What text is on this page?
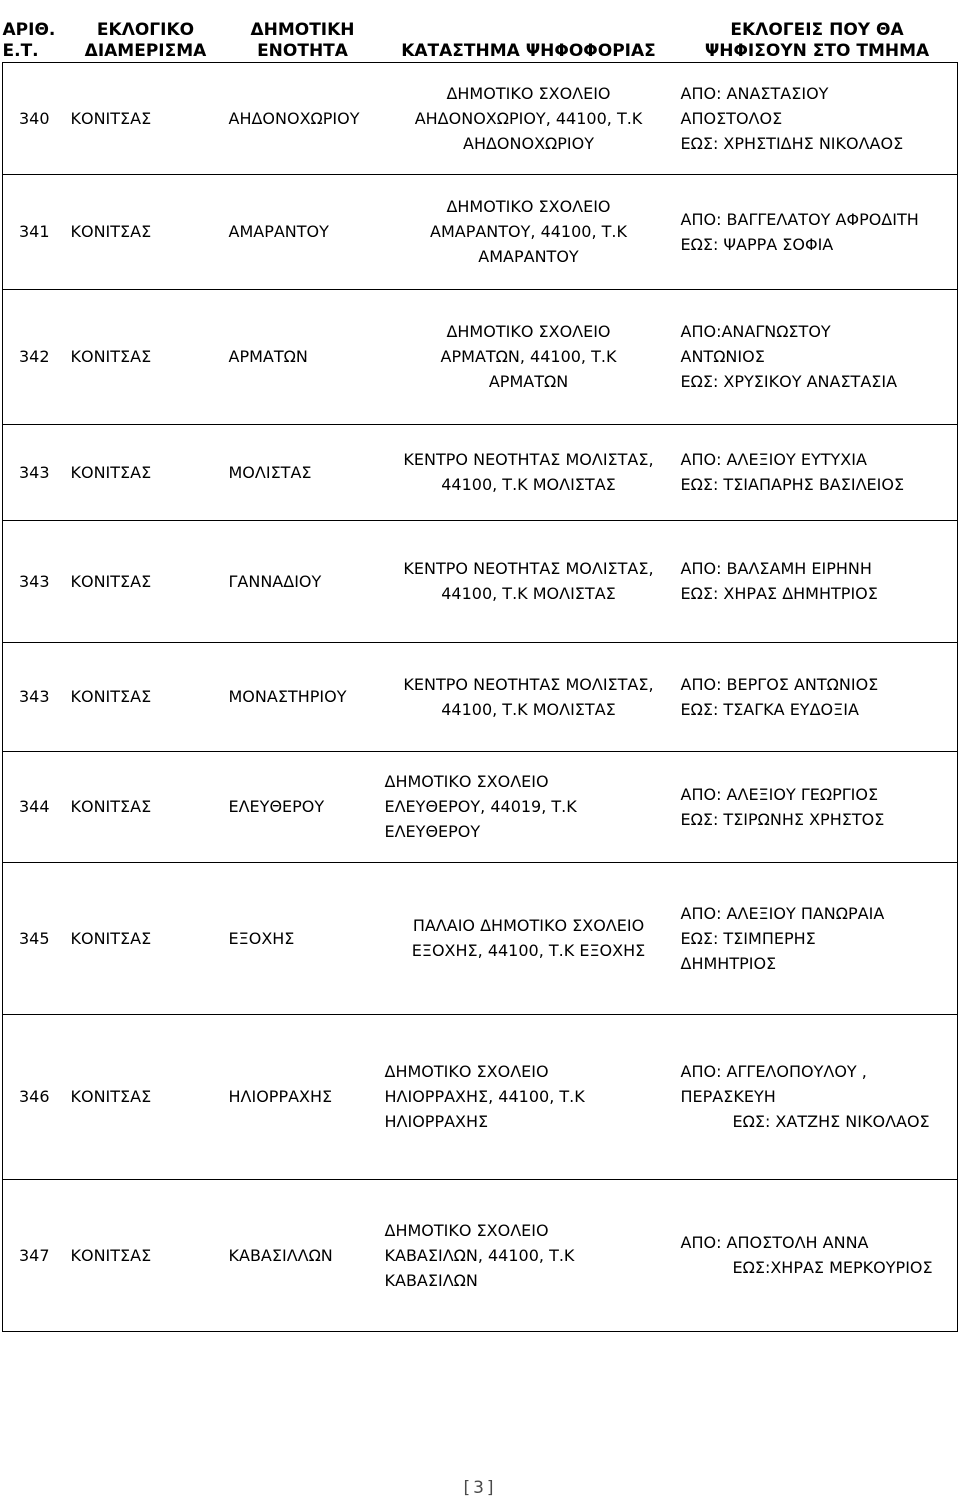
ΑΡΙΘ.
Ε.Τ.	ΕΚΛΟΓΙΚΟ
ΔΙΑΜΕΡΙΣΜΑ	ΔΗΜΟΤΙΚΗ
ΕΝΟΤΗΤΑ	ΚΑΤΑΣΤΗΜΑ ΨΗΦΟΦΟΡΙΑΣ	ΕΚΛΟΓΕΙΣ ΠΟΥ ΘΑ
ΨΗΦΙΣΟΥΝ ΣΤΟ ΤΜΗΜΑ

340	ΚΟΝΙΤΣΑΣ	ΑΗΔΟΝΟΧΩΡΙΟΥ	ΔΗΜΟΤΙΚΟ ΣΧΟΛΕΙΟ
ΑΗΔΟΝΟΧΩΡΙΟΥ, 44100, Τ.Κ
ΑΗΔΟΝΟΧΩΡΙΟΥ	ΑΠΟ: ΑΝΑΣΤΑΣΙΟΥ
ΑΠΟΣΤΟΛΟΣ
ΕΩΣ: ΧΡΗΣΤΙΔΗΣ ΝΙΚΟΛΑΟΣ

341	ΚΟΝΙΤΣΑΣ	ΑΜΑΡΑΝΤΟΥ	ΔΗΜΟΤΙΚΟ ΣΧΟΛΕΙΟ
ΑΜΑΡΑΝΤΟΥ, 44100, Τ.Κ
ΑΜΑΡΑΝΤΟΥ	ΑΠΟ: ΒΑΓΓΕΛΑΤΟΥ ΑΦΡΟΔΙΤΗ
ΕΩΣ: ΨΑΡΡΑ ΣΟΦΙΑ

342	ΚΟΝΙΤΣΑΣ	ΑΡΜΑΤΩΝ	ΔΗΜΟΤΙΚΟ ΣΧΟΛΕΙΟ
ΑΡΜΑΤΩΝ, 44100, Τ.Κ
ΑΡΜΑΤΩΝ	ΑΠΟ:ΑΝΑΓΝΩΣΤΟΥ
ΑΝΤΩΝΙΟΣ
ΕΩΣ: ΧΡΥΣΙΚΟΥ ΑΝΑΣΤΑΣΙΑ

343	ΚΟΝΙΤΣΑΣ	ΜΟΛΙΣΤΑΣ	ΚΕΝΤΡΟ ΝΕΟΤΗΤΑΣ ΜΟΛΙΣΤΑΣ,
44100, Τ.Κ ΜΟΛΙΣΤΑΣ	ΑΠΟ: ΑΛΕΞΙΟΥ ΕΥΤΥΧΙΑ
ΕΩΣ: ΤΣΙΑΠΑΡΗΣ ΒΑΣΙΛΕΙΟΣ

343	ΚΟΝΙΤΣΑΣ	ΓΑΝΝΑΔΙΟΥ	ΚΕΝΤΡΟ ΝΕΟΤΗΤΑΣ ΜΟΛΙΣΤΑΣ,
44100, Τ.Κ ΜΟΛΙΣΤΑΣ	ΑΠΟ: ΒΑΛΣΑΜΗ ΕΙΡΗΝΗ
ΕΩΣ: ΧΗΡΑΣ ΔΗΜΗΤΡΙΟΣ

343	ΚΟΝΙΤΣΑΣ	ΜΟΝΑΣΤΗΡΙΟΥ	ΚΕΝΤΡΟ ΝΕΟΤΗΤΑΣ ΜΟΛΙΣΤΑΣ,
44100, Τ.Κ ΜΟΛΙΣΤΑΣ	ΑΠΟ: ΒΕΡΓΟΣ ΑΝΤΩΝΙΟΣ
ΕΩΣ: ΤΣΑΓΚΑ ΕΥΔΟΞΙΑ

344	ΚΟΝΙΤΣΑΣ	ΕΛΕΥΘΕΡΟΥ	ΔΗΜΟΤΙΚΟ ΣΧΟΛΕΙΟ
ΕΛΕΥΘΕΡΟΥ, 44019, Τ.Κ
ΕΛΕΥΘΕΡΟΥ	ΑΠΟ: ΑΛΕΞΙΟΥ ΓΕΩΡΓΙΟΣ
ΕΩΣ: ΤΣΙΡΩΝΗΣ ΧΡΗΣΤΟΣ

345	ΚΟΝΙΤΣΑΣ	ΕΞΟΧΗΣ	ΠΑΛΑΙΟ ΔΗΜΟΤΙΚΟ ΣΧΟΛΕΙΟ
ΕΞΟΧΗΣ, 44100, Τ.Κ ΕΞΟΧΗΣ	ΑΠΟ: ΑΛΕΞΙΟΥ ΠΑΝΩΡΑΙΑ
ΕΩΣ: ΤΣΙΜΠΕΡΗΣ
ΔΗΜΗΤΡΙΟΣ

346	ΚΟΝΙΤΣΑΣ	ΗΛΙΟΡΡΑΧΗΣ	ΔΗΜΟΤΙΚΟ ΣΧΟΛΕΙΟ
ΗΛΙΟΡΡΑΧΗΣ, 44100, Τ.Κ
ΗΛΙΟΡΡΑΧΗΣ	ΑΠΟ: ΑΓΓΕΛΟΠΟΥΛΟΥ ,
ΠΕΡΑΣΚΕΥΗ
ΕΩΣ: ΧΑΤΖΗΣ ΝΙΚΟΛΑΟΣ

347	ΚΟΝΙΤΣΑΣ	ΚΑΒΑΣΙΛΛΩΝ	ΔΗΜΟΤΙΚΟ ΣΧΟΛΕΙΟ
ΚΑΒΑΣΙΛΩΝ, 44100, Τ.Κ
ΚΑΒΑΣΙΛΩΝ	ΑΠΟ: ΑΠΟΣΤΟΛΗ ΑΝΝΑ
ΕΩΣ:ΧΗΡΑΣ ΜΕΡΚΟΥΡΙΟΣ
[3]
